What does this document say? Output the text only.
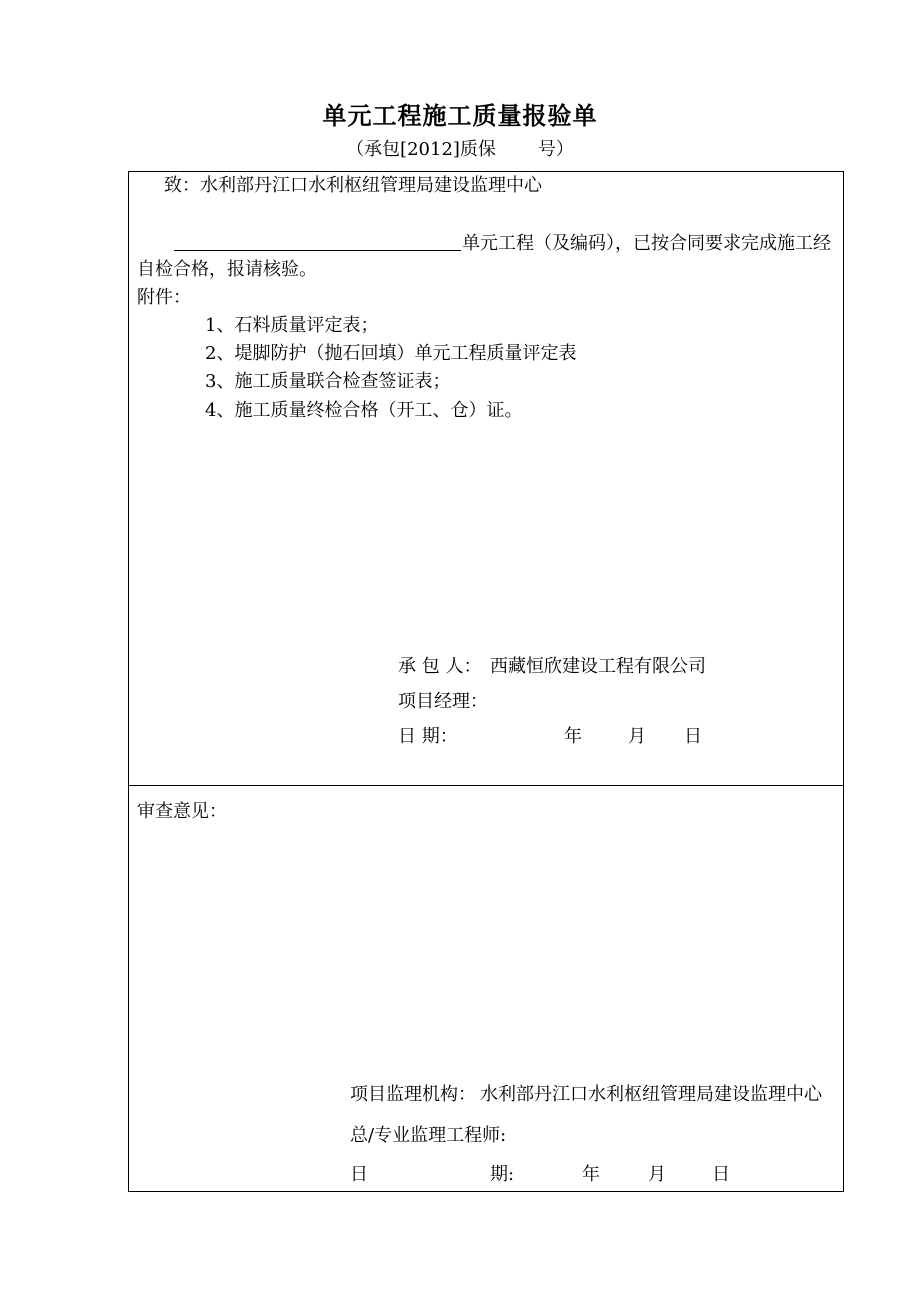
单元工程施工质量报验单
（承包[2012]质保 号）
致：水利部丹江口水利枢纽管理局建设监理中心
单元工程（及编码），已按合同要求完成施工经
自检合格，报请核验。
附件：
1、石料质量评定表；
2、堤脚防护（抛石回填）单元工程质量评定表
3、施工质量联合检查签证表；
4、施工质量终检合格（开工、仓）证。
承 包 人： 西藏恒欣建设工程有限公司
项目经理：
日 期：	年	月 日
审查意见：
项目监理机构： 水利部丹江口水利枢纽管理局建设监理中心
总/专业监理工程师:
日	期:	年	月	日
